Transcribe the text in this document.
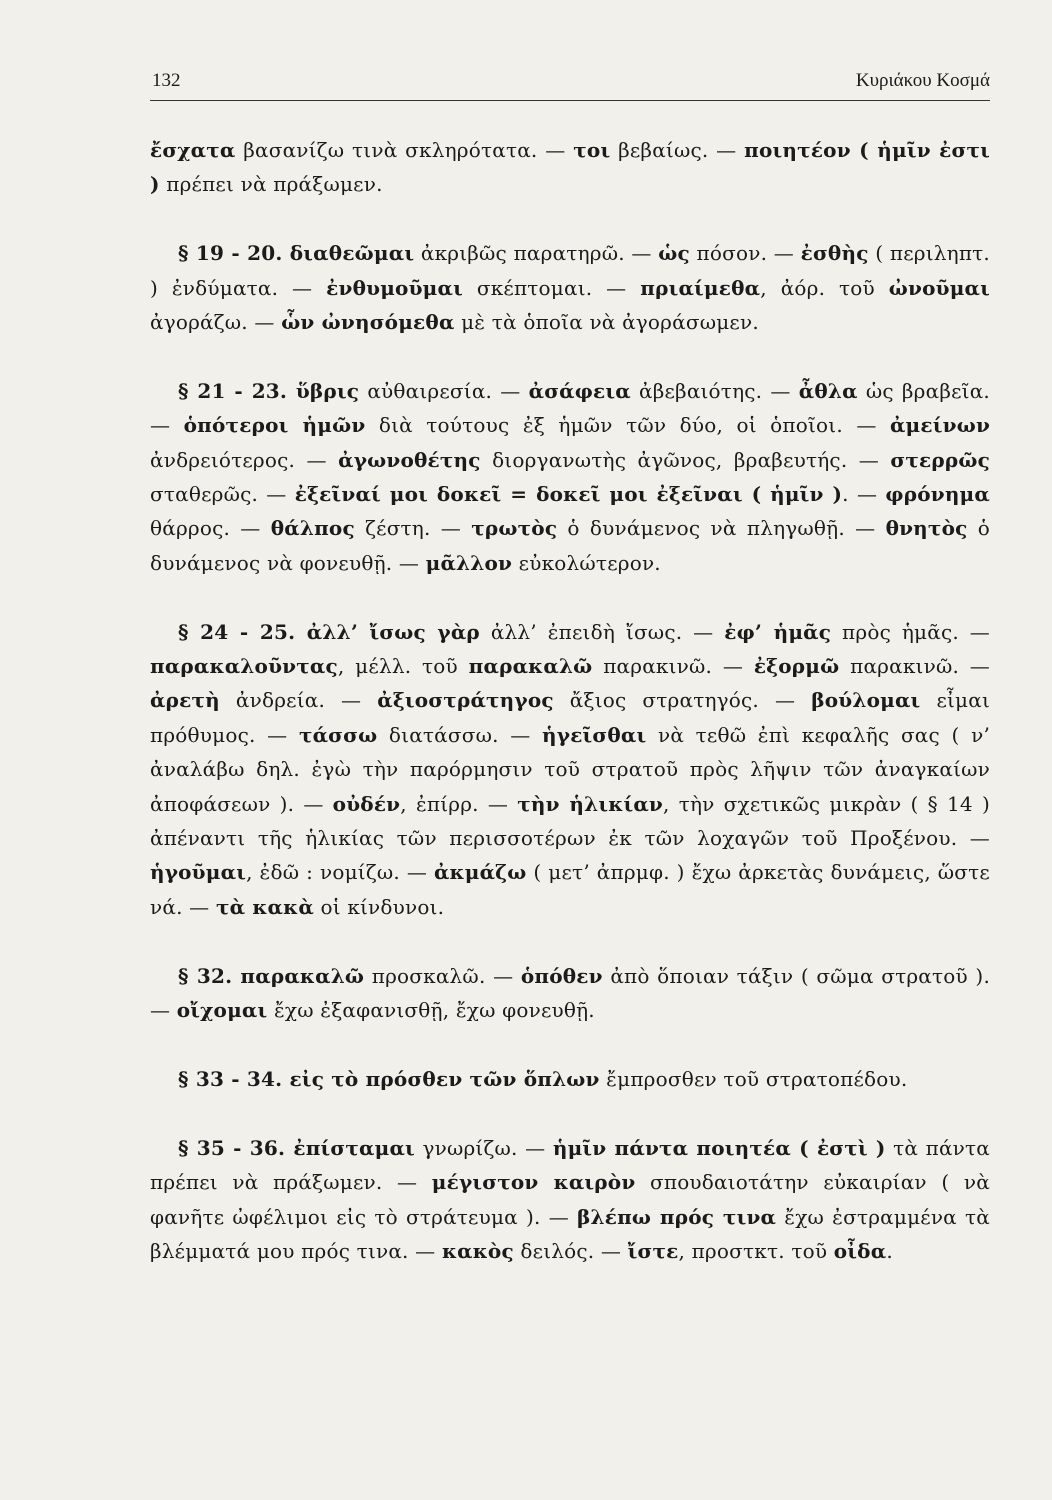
132	Κυριάκου Κοσμά

ἔσχατα βασανίζω τινὰ σκληρότατα. — τοι βεβαίως. — ποιητέον ( ἡμῖν ἐστι ) πρέπει νὰ πράξωμεν.

§ 19 - 20. διαθεῶμαι ἀκριβῶς παρατηρῶ. — ὡς πόσον. — ἐσθὴς ( περιληπτ. ) ἐνδύματα. — ἐνθυμοῦμαι σκέπτομαι. — πριαίμεθα, ἀόρ. τοῦ ὠνοῦμαι ἀγοράζω. — ὧν ὠνησόμεθα μὲ τὰ ὁποῖα νὰ ἀγοράσωμεν.

§ 21 - 23. ὕβρις αὐθαιρεσία. — ἀσάφεια ἀβεβαιότης. — ἆθλα ὡς βραβεῖα. — ὁπότεροι ἡμῶν διὰ τούτους ἐξ ἡμῶν τῶν δύο, οἱ ὁποῖοι. — ἀμείνων ἀνδρειότερος. — ἀγωνοθέτης διοργανωτὴς ἀγῶνος, βραβευτής. — στερρῶς σταθερῶς. — ἐξεῖναί μοι δοκεῖ = δοκεῖ μοι ἐξεῖναι ( ἡμῖν ). — φρόνημα θάρρος. — θάλπος ζέστη. — τρωτὸς ὁ δυνάμενος νὰ πληγωθῇ. — θνητὸς ὁ δυνάμενος νὰ φονευθῇ. — μᾶλλον εὐκολώτερον.

§ 24 - 25. ἀλλ’ ἴσως γὰρ ἀλλ’ ἐπειδὴ ἴσως. — ἐφ’ ἡμᾶς πρὸς ἡμᾶς. — παρακαλοῦντας, μέλλ. τοῦ παρακαλῶ παρακινῶ. — ἐξορμῶ παρακινῶ. — ἀρετὴ ἀνδρεία. — ἀξιοστράτηγος ἄξιος στρατηγός. — βούλομαι εἶμαι πρόθυμος. — τάσσω διατάσσω. — ἡγεῖσθαι νὰ τεθῶ ἐπὶ κεφαλῆς σας ( ν’ ἀναλάβω δηλ. ἐγὼ τὴν παρόρμησιν τοῦ στρατοῦ πρὸς λῆψιν τῶν ἀναγκαίων ἀποφάσεων ). — οὐδέν, ἐπίρρ. — τὴν ἡλικίαν, τὴν σχετικῶς μικρὰν ( § 14 ) ἀπέναντι τῆς ἡλικίας τῶν περισσοτέρων ἐκ τῶν λοχαγῶν τοῦ Προξένου. — ἡγοῦμαι, ἐδῶ : νομίζω. — ἀκμάζω ( μετ’ ἀπρμφ. ) ἔχω ἀρκετὰς δυνάμεις, ὥστε νά. — τὰ κακὰ οἱ κίνδυνοι.

§ 32. παρακαλῶ προσκαλῶ. — ὁπόθεν ἀπὸ ὅποιαν τάξιν ( σῶμα στρατοῦ ). — οἴχομαι ἔχω ἐξαφανισθῇ, ἔχω φονευθῇ.

§ 33 - 34. εἰς τὸ πρόσθεν τῶν ὅπλων ἔμπροσθεν τοῦ στρατοπέδου.

§ 35 - 36. ἐπίσταμαι γνωρίζω. — ἡμῖν πάντα ποιητέα ( ἐστὶ ) τὰ πάντα πρέπει νὰ πράξωμεν. — μέγιστον καιρὸν σπουδαιοτάτην εὐκαιρίαν ( νὰ φανῆτε ὠφέλιμοι εἰς τὸ στράτευμα ). — βλέπω πρός τινα ἔχω ἐστραμμένα τὰ βλέμματά μου πρός τινα. — κακὸς δειλός. — ἴστε, προστκτ. τοῦ οἶδα.
